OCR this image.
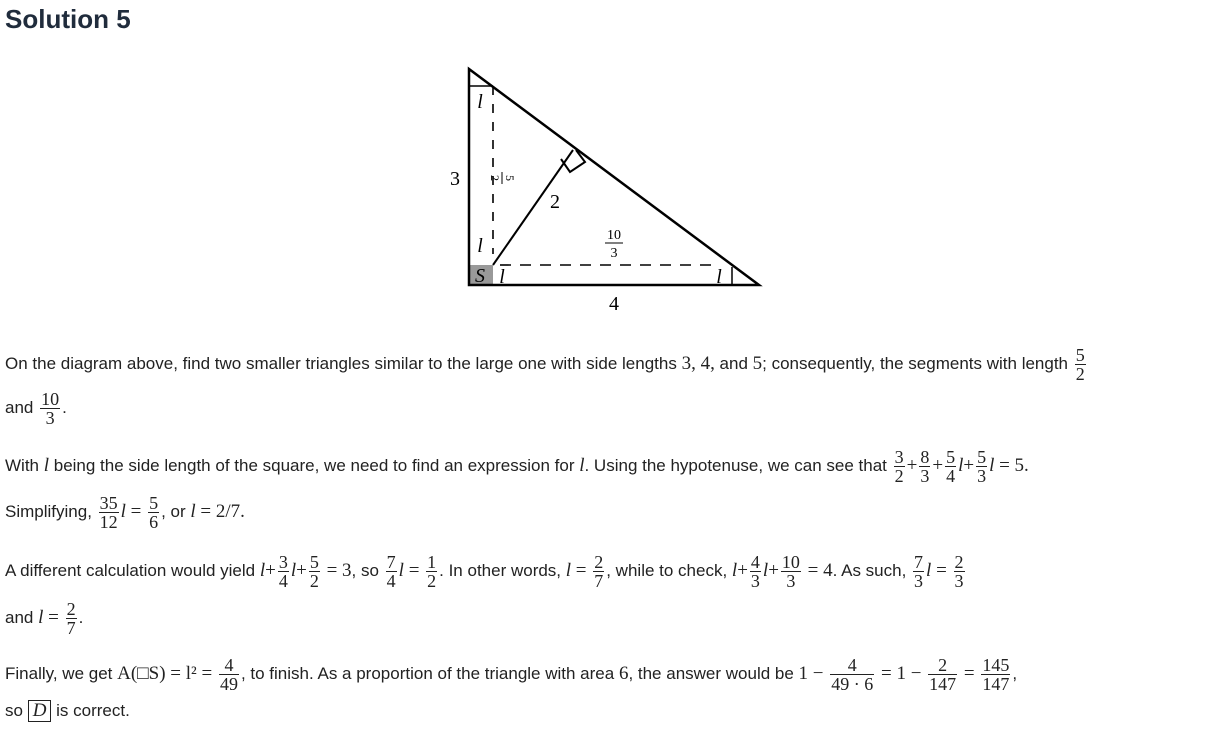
Solution 5
3
4
2
l
l
l	l
S
5
2
10
3
On the diagram above, find two smaller triangles similar to the large one with side lengths 3, 4, and 5; consequently, the segments with length $\frac{5}{2}$
and $\frac{10}{3}$ .
With l being the side length of the square, we need to find an expression for l. Using the hypotenuse, we can see that $\frac{3}{2} + \frac{8}{3} + \frac{5}{4} l+ \frac{5}{3}$ l = 5.
Simplifying, $\frac{35}{12}$ $l = \frac{5}{6}$ , or l = 2/7.
A different calculation would yield $l+ \frac{3}{4} l+ \frac{5}{2} = 3$, so $\frac{7}{4}$ $l = \frac{1}{2}$ . In other words, $l = \frac{2}{7}$ , while to check, $l+ \frac{4}{3} l+ \frac{10}{3} = 4$. As such, $\frac{7}{3}$ $l = \frac{2}{3}$
and $l = \frac{2}{7}$ .
Finally, we get A(□S) = $l^2 = \frac{4}{49}$ , to finish. As a proportion of the triangle with area 6, the answer would be $1 - \frac{4}{49 \cdot 6} = 1 - \frac{2}{147} = \frac{145}{147}$ ,
so D is correct.
